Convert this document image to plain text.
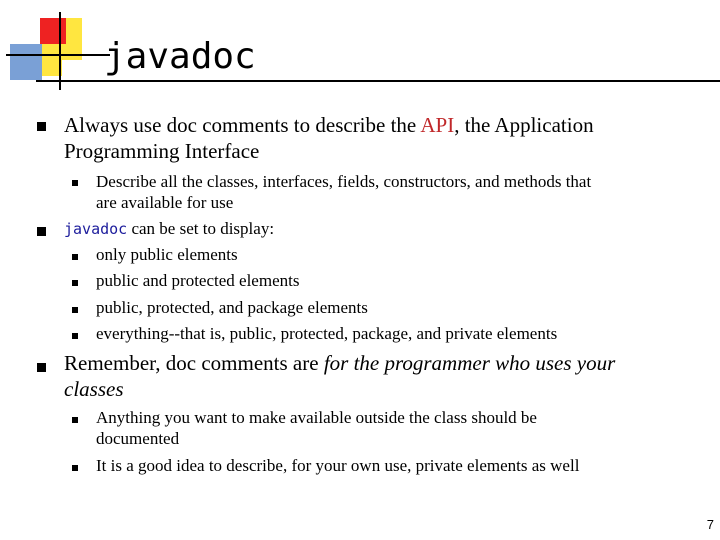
javadoc
Always use doc comments to describe the API, the Application
Programming Interface
Describe all the classes, interfaces, fields, constructors, and methods that
are available for use
javadoc can be set to display:
only public elements
public and protected elements
public, protected, and package elements
everything--that is, public, protected, package, and private elements
Remember, doc comments are for the programmer who uses your
classes
Anything you want to make available outside the class should be
documented
It is a good idea to describe, for your own use, private elements as well
7
